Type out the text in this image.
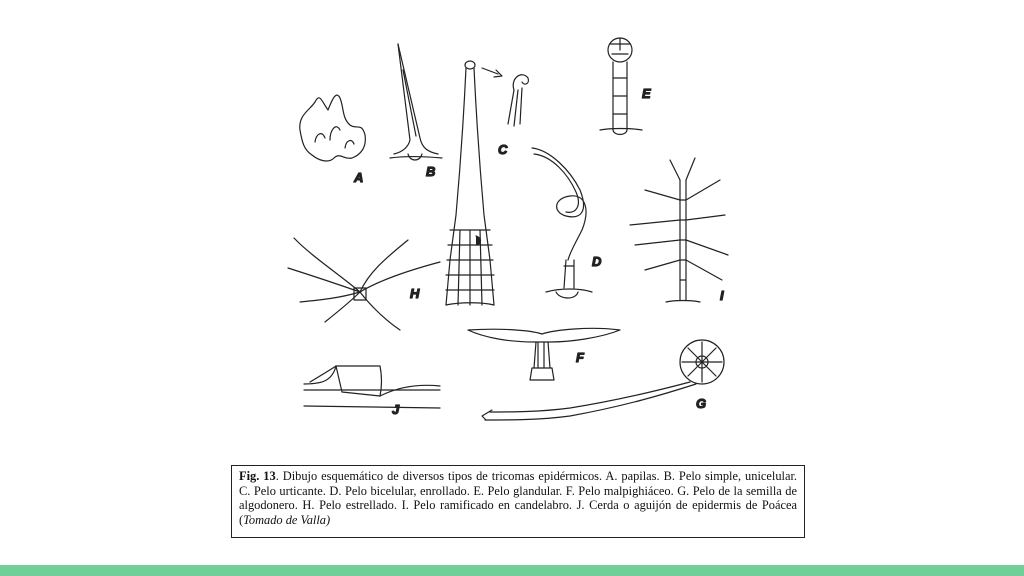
A	B
C
D
E
H	I
F
G
J
Fig. 13. Dibujo esquemático de diversos tipos de tricomas epidérmicos. A. papilas. B. Pelo simple, unicelular. C. Pelo urticante. D. Pelo bicelular, enrollado. E. Pelo glandular. F. Pelo malpighiáceo. G. Pelo de la semilla de algodonero. H. Pelo estrellado. I. Pelo ramificado en candelabro. J. Cerda o aguijón de epidermis de Poácea (Tomado de Valla)
